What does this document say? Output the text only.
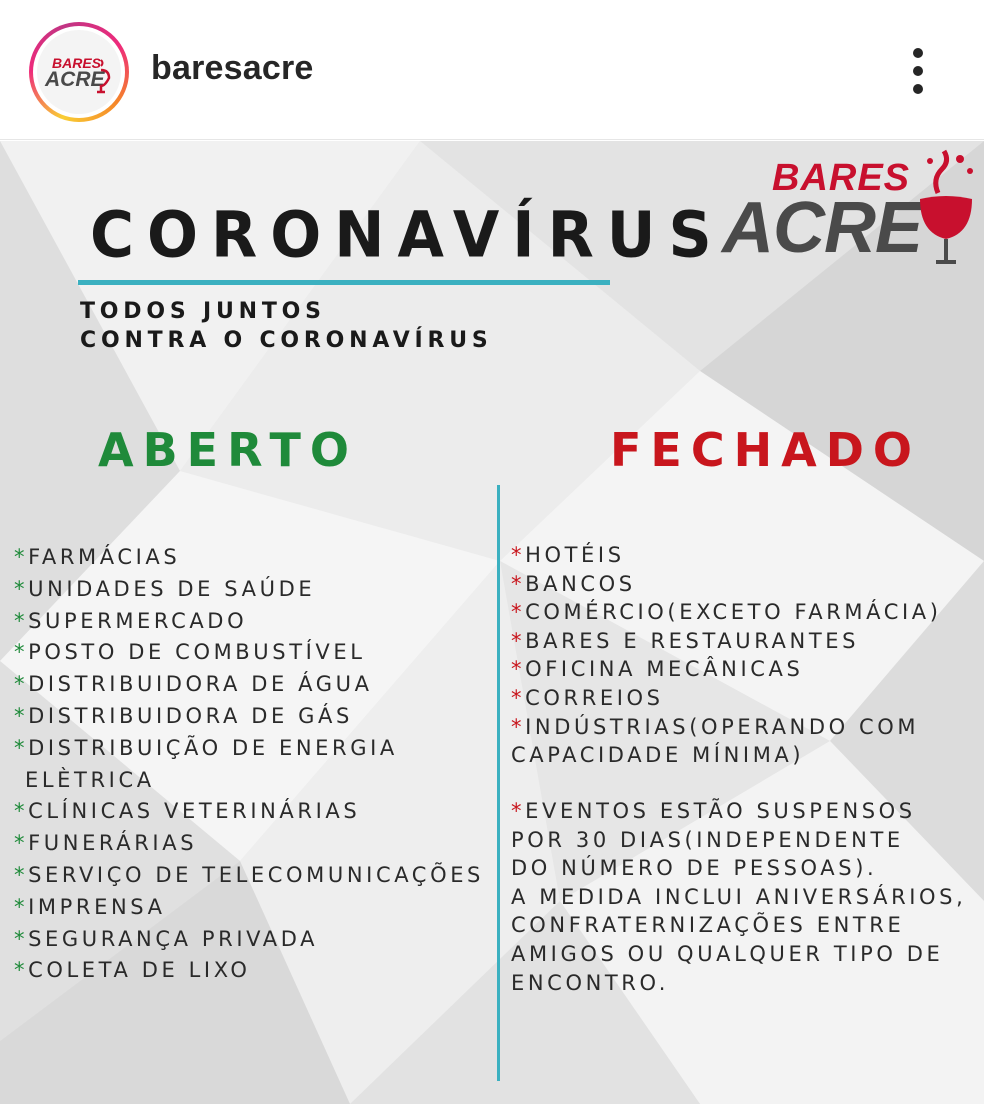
BARES
ACRE baresacre
BARES
ACRE
CORONAVÍRUS
TODOS JUNTOS
CONTRA O CORONAVÍRUS
ABERTO	FECHADO
*FARMÁCIAS
*UNIDADES DE SAÚDE
*SUPERMERCADO
*POSTO DE COMBUSTÍVEL
*DISTRIBUIDORA DE ÁGUA
*DISTRIBUIDORA DE GÁS
*DISTRIBUIÇÃO DE ENERGIA
ELÈTRICA
*CLÍNICAS VETERINÁRIAS
*FUNERÁRIAS
*SERVIÇO DE TELECOMUNICAÇÕES
*IMPRENSA
*SEGURANÇA PRIVADA
*COLETA DE LIXO
*HOTÉIS
*BANCOS
*COMÉRCIO(EXCETO FARMÁCIA)
*BARES E RESTAURANTES
*OFICINA MECÂNICAS
*CORREIOS
*INDÚSTRIAS(OPERANDO COM
CAPACIDADE MÍNIMA)
*EVENTOS ESTÃO SUSPENSOS
POR 30 DIAS(INDEPENDENTE
DO NÚMERO DE PESSOAS).
A MEDIDA INCLUI ANIVERSÁRIOS,
CONFRATERNIZAÇÕES ENTRE
AMIGOS OU QUALQUER TIPO DE
ENCONTRO.
